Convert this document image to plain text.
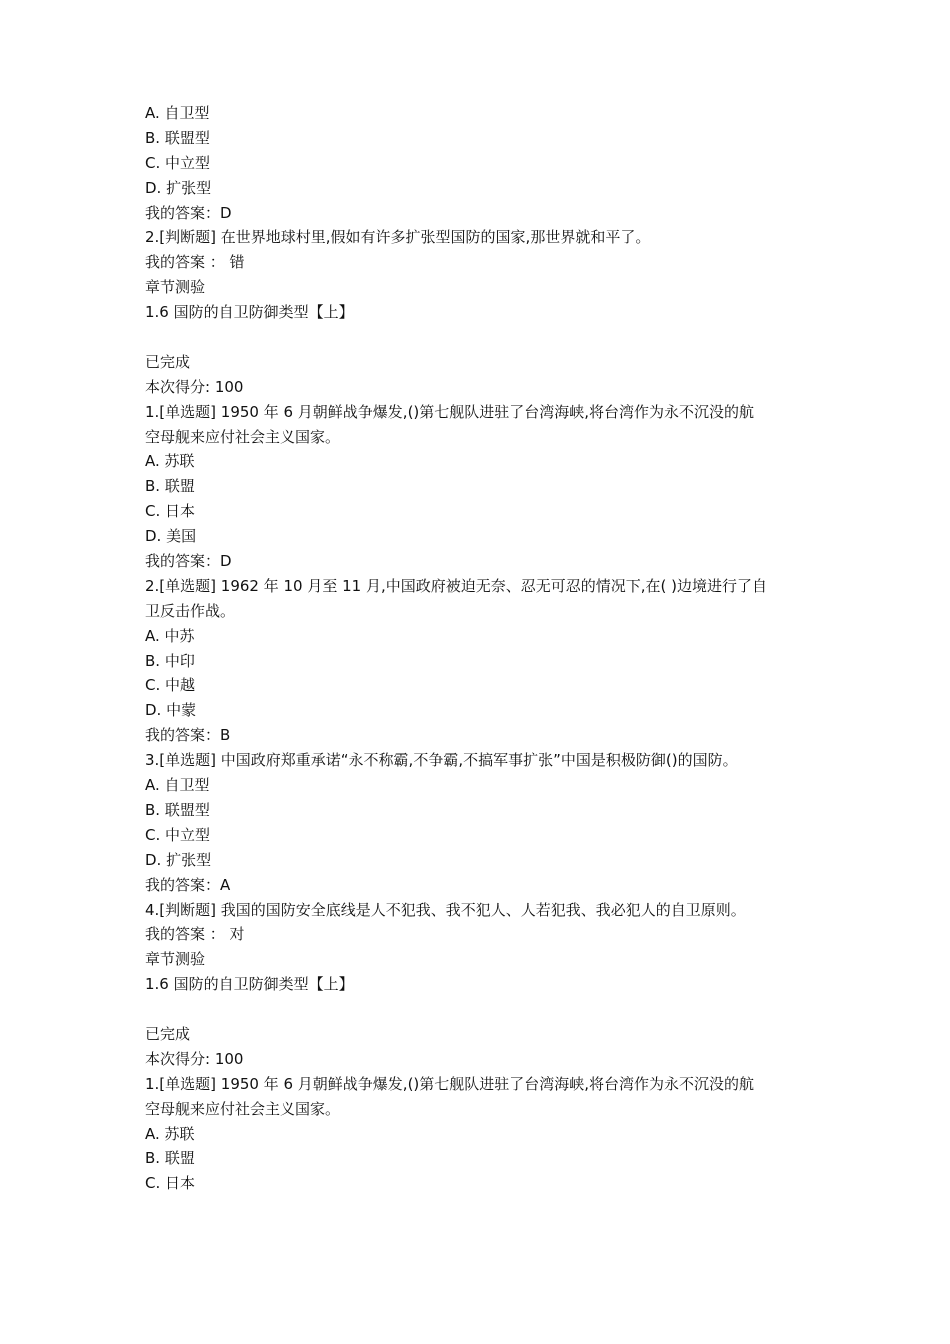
A. 自卫型
B. 联盟型
C. 中立型
D. 扩张型
我的答案：D
2.[判断题] 在世界地球村里,假如有许多扩张型国防的国家,那世界就和平了。
我的答案 ： 错
章节测验
1.6 国防的自卫防御类型【上】
已完成
本次得分: 100
1.[单选题] 1950 年 6 月朝鲜战争爆发,()第七舰队进驻了台湾海峡,将台湾作为永不沉没的航
空母舰来应付社会主义国家。
A. 苏联
B. 联盟
C. 日本
D. 美国
我的答案：D
2.[单选题] 1962 年 10 月至 11 月,中国政府被迫无奈、忍无可忍的情况下,在( )边境进行了自
卫反击作战。
A. 中苏
B. 中印
C. 中越
D. 中蒙
我的答案：B
3.[单选题] 中国政府郑重承诺“永不称霸,不争霸,不搞军事扩张”中国是积极防御()的国防。
A. 自卫型
B. 联盟型
C. 中立型
D. 扩张型
我的答案：A
4.[判断题] 我国的国防安全底线是人不犯我、我不犯人、人若犯我、我必犯人的自卫原则。
我的答案 ： 对
章节测验
1.6 国防的自卫防御类型【上】
已完成
本次得分: 100
1.[单选题] 1950 年 6 月朝鲜战争爆发,()第七舰队进驻了台湾海峡,将台湾作为永不沉没的航
空母舰来应付社会主义国家。
A. 苏联
B. 联盟
C. 日本
